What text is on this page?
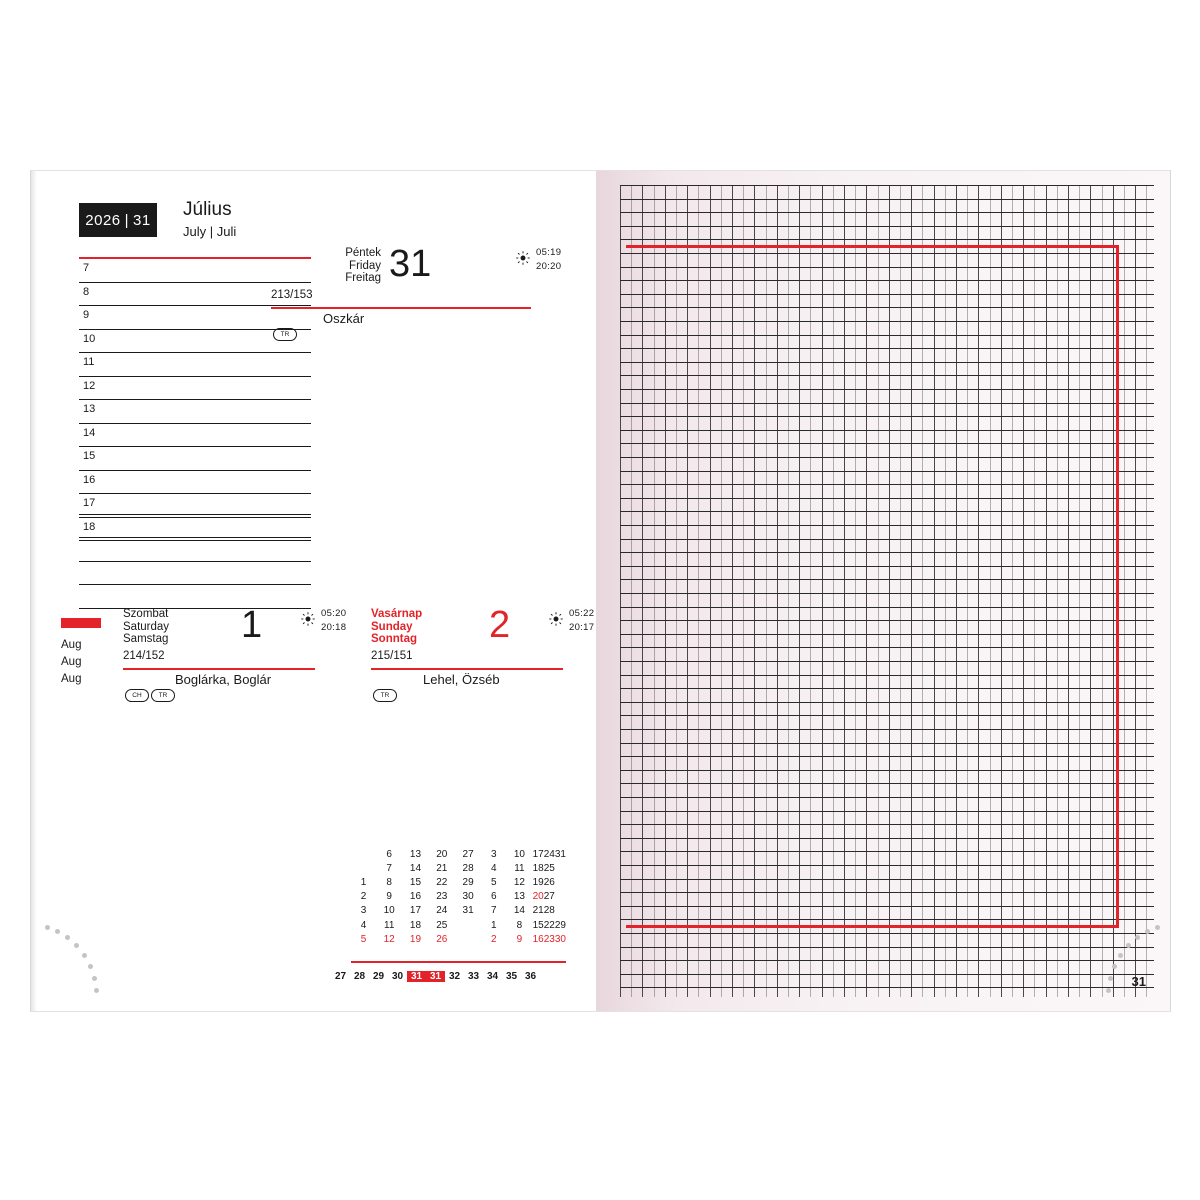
2026 | 31 Július
July | Juli
7
8
9
10
11
12
13
14
15
16
17
18
Péntek
Friday
Freitag 31
213/153
05:19
20:20
Oszkár
TR
Aug
Aug
Aug
Szombat
Saturday
Samstag	1
214/152
05:20
20:18
Boglárka, Boglár
CH	TR
Vasárnap
Sunday
Sonntag	2
215/151
05:22
20:17
Lehel, Özséb
TR
	6	13	20	27	3	10	17	24	31
	7	14	21	28	4	11	18	25	
1	8	15	22	29	5	12	19	26	
2	9	16	23	30	6	13	20	27	
3	10	17	24	31	7	14	21	28	
4	11	18	25		1	8	15	22	29
5	12	19	26		2	9	16	23	30
27 28 29 30 31 31 32 33 34 35 36	31
